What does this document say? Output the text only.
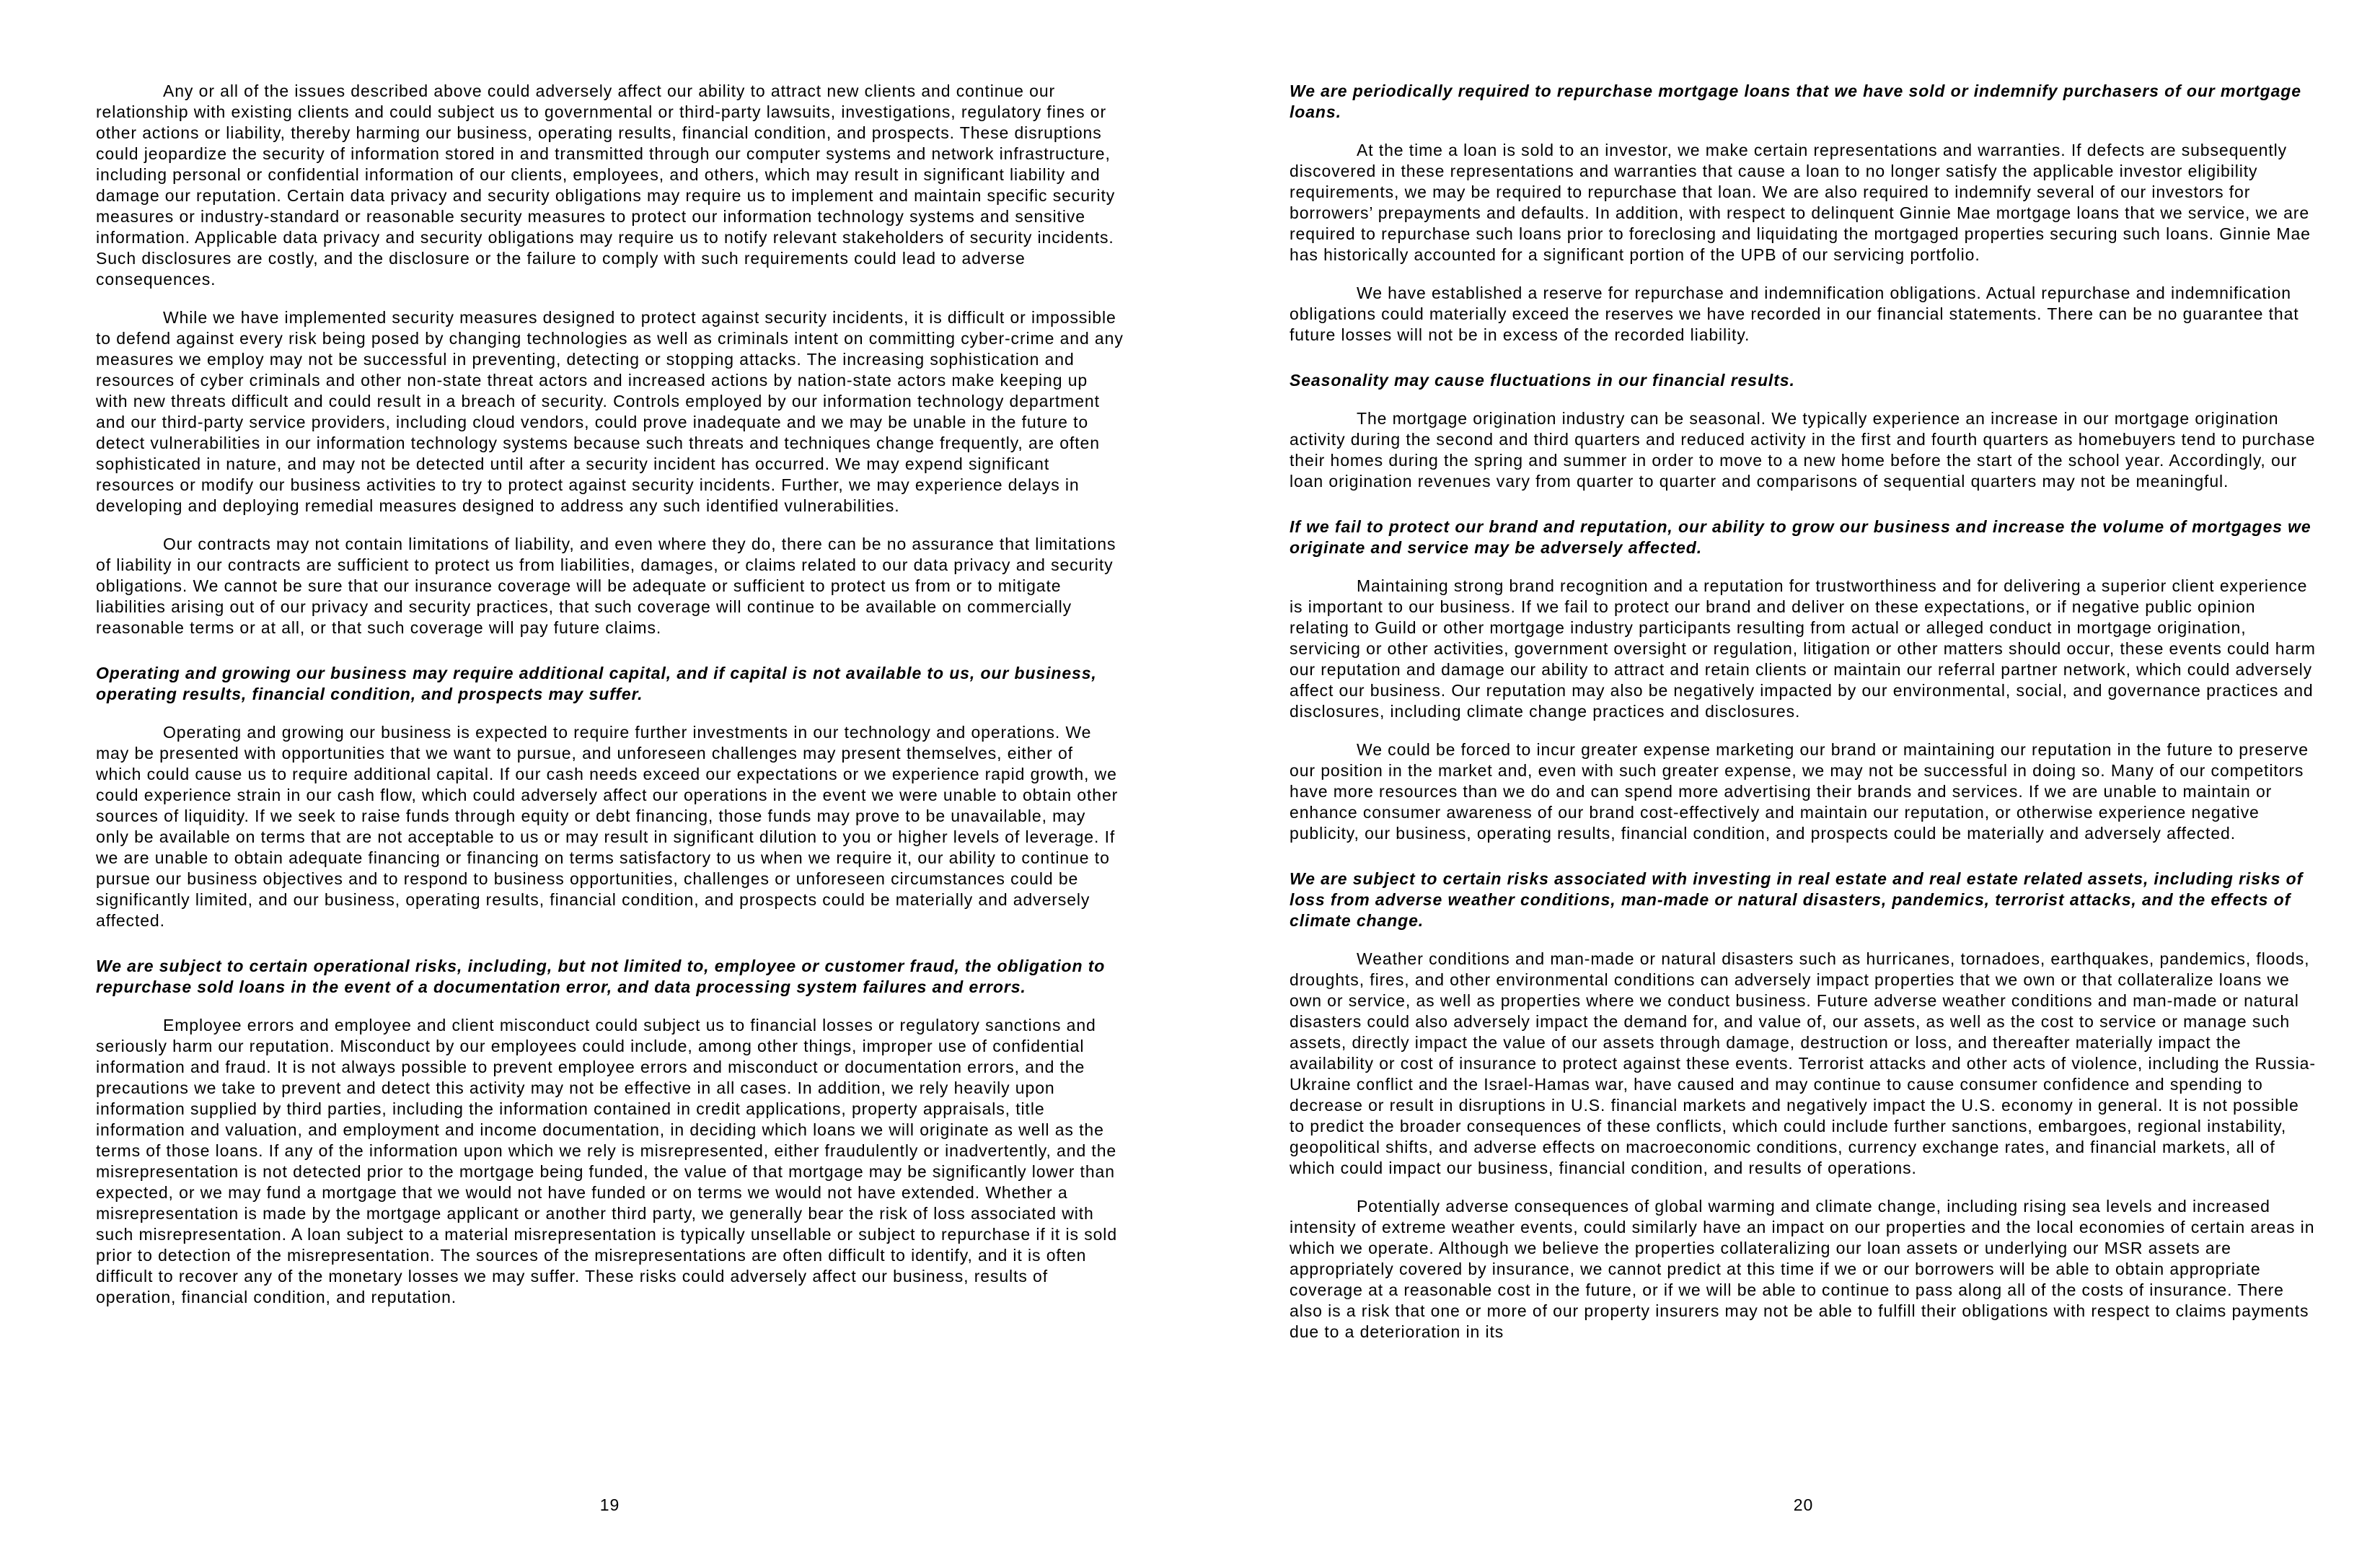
Any or all of the issues described above could adversely affect our ability to attract new clients and continue our relationship with existing clients and could subject us to governmental or third-party lawsuits, investigations, regulatory fines or other actions or liability, thereby harming our business, operating results, financial condition, and prospects. These disruptions could jeopardize the security of information stored in and transmitted through our computer systems and network infrastructure, including personal or confidential information of our clients, employees, and others, which may result in significant liability and damage our reputation. Certain data privacy and security obligations may require us to implement and maintain specific security measures or industry-standard or reasonable security measures to protect our information technology systems and sensitive information. Applicable data privacy and security obligations may require us to notify relevant stakeholders of security incidents. Such disclosures are costly, and the disclosure or the failure to comply with such requirements could lead to adverse consequences.
While we have implemented security measures designed to protect against security incidents, it is difficult or impossible to defend against every risk being posed by changing technologies as well as criminals intent on committing cyber-crime and any measures we employ may not be successful in preventing, detecting or stopping attacks. The increasing sophistication and resources of cyber criminals and other non-state threat actors and increased actions by nation-state actors make keeping up with new threats difficult and could result in a breach of security. Controls employed by our information technology department and our third-party service providers, including cloud vendors, could prove inadequate and we may be unable in the future to detect vulnerabilities in our information technology systems because such threats and techniques change frequently, are often sophisticated in nature, and may not be detected until after a security incident has occurred. We may expend significant resources or modify our business activities to try to protect against security incidents. Further, we may experience delays in developing and deploying remedial measures designed to address any such identified vulnerabilities.
Our contracts may not contain limitations of liability, and even where they do, there can be no assurance that limitations of liability in our contracts are sufficient to protect us from liabilities, damages, or claims related to our data privacy and security obligations. We cannot be sure that our insurance coverage will be adequate or sufficient to protect us from or to mitigate liabilities arising out of our privacy and security practices, that such coverage will continue to be available on commercially reasonable terms or at all, or that such coverage will pay future claims.
Operating and growing our business may require additional capital, and if capital is not available to us, our business, operating results, financial condition, and prospects may suffer.
Operating and growing our business is expected to require further investments in our technology and operations. We may be presented with opportunities that we want to pursue, and unforeseen challenges may present themselves, either of which could cause us to require additional capital. If our cash needs exceed our expectations or we experience rapid growth, we could experience strain in our cash flow, which could adversely affect our operations in the event we were unable to obtain other sources of liquidity. If we seek to raise funds through equity or debt financing, those funds may prove to be unavailable, may only be available on terms that are not acceptable to us or may result in significant dilution to you or higher levels of leverage. If we are unable to obtain adequate financing or financing on terms satisfactory to us when we require it, our ability to continue to pursue our business objectives and to respond to business opportunities, challenges or unforeseen circumstances could be significantly limited, and our business, operating results, financial condition, and prospects could be materially and adversely affected.
We are subject to certain operational risks, including, but not limited to, employee or customer fraud, the obligation to repurchase sold loans in the event of a documentation error, and data processing system failures and errors.
Employee errors and employee and client misconduct could subject us to financial losses or regulatory sanctions and seriously harm our reputation. Misconduct by our employees could include, among other things, improper use of confidential information and fraud. It is not always possible to prevent employee errors and misconduct or documentation errors, and the precautions we take to prevent and detect this activity may not be effective in all cases. In addition, we rely heavily upon information supplied by third parties, including the information contained in credit applications, property appraisals, title information and valuation, and employment and income documentation, in deciding which loans we will originate as well as the terms of those loans. If any of the information upon which we rely is misrepresented, either fraudulently or inadvertently, and the misrepresentation is not detected prior to the mortgage being funded, the value of that mortgage may be significantly lower than expected, or we may fund a mortgage that we would not have funded or on terms we would not have extended. Whether a misrepresentation is made by the mortgage applicant or another third party, we generally bear the risk of loss associated with such misrepresentation. A loan subject to a material misrepresentation is typically unsellable or subject to repurchase if it is sold prior to detection of the misrepresentation. The sources of the misrepresentations are often difficult to identify, and it is often difficult to recover any of the monetary losses we may suffer. These risks could adversely affect our business, results of operation, financial condition, and reputation.
19
We are periodically required to repurchase mortgage loans that we have sold or indemnify purchasers of our mortgage loans.
At the time a loan is sold to an investor, we make certain representations and warranties. If defects are subsequently discovered in these representations and warranties that cause a loan to no longer satisfy the applicable investor eligibility requirements, we may be required to repurchase that loan. We are also required to indemnify several of our investors for borrowers’ prepayments and defaults. In addition, with respect to delinquent Ginnie Mae mortgage loans that we service, we are required to repurchase such loans prior to foreclosing and liquidating the mortgaged properties securing such loans. Ginnie Mae has historically accounted for a significant portion of the UPB of our servicing portfolio.
We have established a reserve for repurchase and indemnification obligations. Actual repurchase and indemnification obligations could materially exceed the reserves we have recorded in our financial statements. There can be no guarantee that future losses will not be in excess of the recorded liability.
Seasonality may cause fluctuations in our financial results.
The mortgage origination industry can be seasonal. We typically experience an increase in our mortgage origination activity during the second and third quarters and reduced activity in the first and fourth quarters as homebuyers tend to purchase their homes during the spring and summer in order to move to a new home before the start of the school year. Accordingly, our loan origination revenues vary from quarter to quarter and comparisons of sequential quarters may not be meaningful.
If we fail to protect our brand and reputation, our ability to grow our business and increase the volume of mortgages we originate and service may be adversely affected.
Maintaining strong brand recognition and a reputation for trustworthiness and for delivering a superior client experience is important to our business. If we fail to protect our brand and deliver on these expectations, or if negative public opinion relating to Guild or other mortgage industry participants resulting from actual or alleged conduct in mortgage origination, servicing or other activities, government oversight or regulation, litigation or other matters should occur, these events could harm our reputation and damage our ability to attract and retain clients or maintain our referral partner network, which could adversely affect our business. Our reputation may also be negatively impacted by our environmental, social, and governance practices and disclosures, including climate change practices and disclosures.
We could be forced to incur greater expense marketing our brand or maintaining our reputation in the future to preserve our position in the market and, even with such greater expense, we may not be successful in doing so. Many of our competitors have more resources than we do and can spend more advertising their brands and services. If we are unable to maintain or enhance consumer awareness of our brand cost-effectively and maintain our reputation, or otherwise experience negative publicity, our business, operating results, financial condition, and prospects could be materially and adversely affected.
We are subject to certain risks associated with investing in real estate and real estate related assets, including risks of loss from adverse weather conditions, man-made or natural disasters, pandemics, terrorist attacks, and the effects of climate change.
Weather conditions and man-made or natural disasters such as hurricanes, tornadoes, earthquakes, pandemics, floods, droughts, fires, and other environmental conditions can adversely impact properties that we own or that collateralize loans we own or service, as well as properties where we conduct business. Future adverse weather conditions and man-made or natural disasters could also adversely impact the demand for, and value of, our assets, as well as the cost to service or manage such assets, directly impact the value of our assets through damage, destruction or loss, and thereafter materially impact the availability or cost of insurance to protect against these events. Terrorist attacks and other acts of violence, including the Russia-Ukraine conflict and the Israel-Hamas war, have caused and may continue to cause consumer confidence and spending to decrease or result in disruptions in U.S. financial markets and negatively impact the U.S. economy in general. It is not possible to predict the broader consequences of these conflicts, which could include further sanctions, embargoes, regional instability, geopolitical shifts, and adverse effects on macroeconomic conditions, currency exchange rates, and financial markets, all of which could impact our business, financial condition, and results of operations.
Potentially adverse consequences of global warming and climate change, including rising sea levels and increased intensity of extreme weather events, could similarly have an impact on our properties and the local economies of certain areas in which we operate. Although we believe the properties collateralizing our loan assets or underlying our MSR assets are appropriately covered by insurance, we cannot predict at this time if we or our borrowers will be able to obtain appropriate coverage at a reasonable cost in the future, or if we will be able to continue to pass along all of the costs of insurance. There also is a risk that one or more of our property insurers may not be able to fulfill their obligations with respect to claims payments due to a deterioration in its
20
